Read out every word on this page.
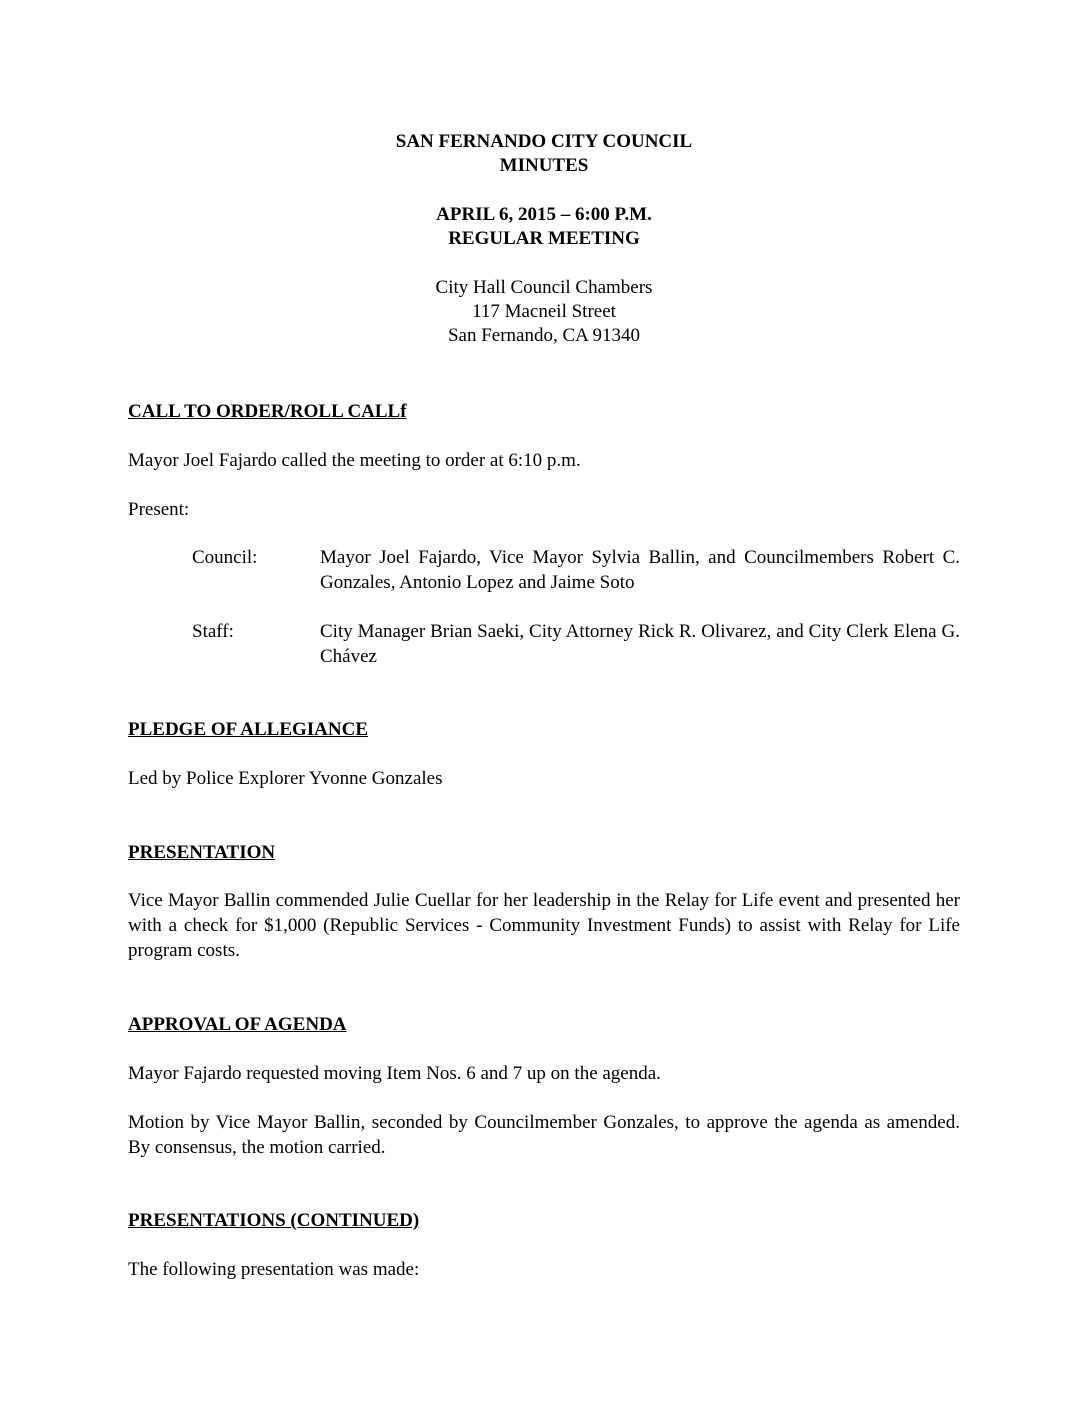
SAN FERNANDO CITY COUNCIL
MINUTES
APRIL 6, 2015 – 6:00 P.M.
REGULAR MEETING
City Hall Council Chambers
117 Macneil Street
San Fernando, CA 91340
CALL TO ORDER/ROLL CALLf
Mayor Joel Fajardo called the meeting to order at 6:10 p.m.
Present:
Council:	Mayor Joel Fajardo, Vice Mayor Sylvia Ballin, and Councilmembers Robert C. Gonzales, Antonio Lopez and Jaime Soto
Staff:	City Manager Brian Saeki, City Attorney Rick R. Olivarez, and City Clerk Elena G. Chávez
PLEDGE OF ALLEGIANCE
Led by Police Explorer Yvonne Gonzales
PRESENTATION
Vice Mayor Ballin commended Julie Cuellar for her leadership in the Relay for Life event and presented her with a check for $1,000 (Republic Services - Community Investment Funds) to assist with Relay for Life program costs.
APPROVAL OF AGENDA
Mayor Fajardo requested moving Item Nos. 6 and 7 up on the agenda.
Motion by Vice Mayor Ballin, seconded by Councilmember Gonzales, to approve the agenda as amended. By consensus, the motion carried.
PRESENTATIONS (CONTINUED)
The following presentation was made:
